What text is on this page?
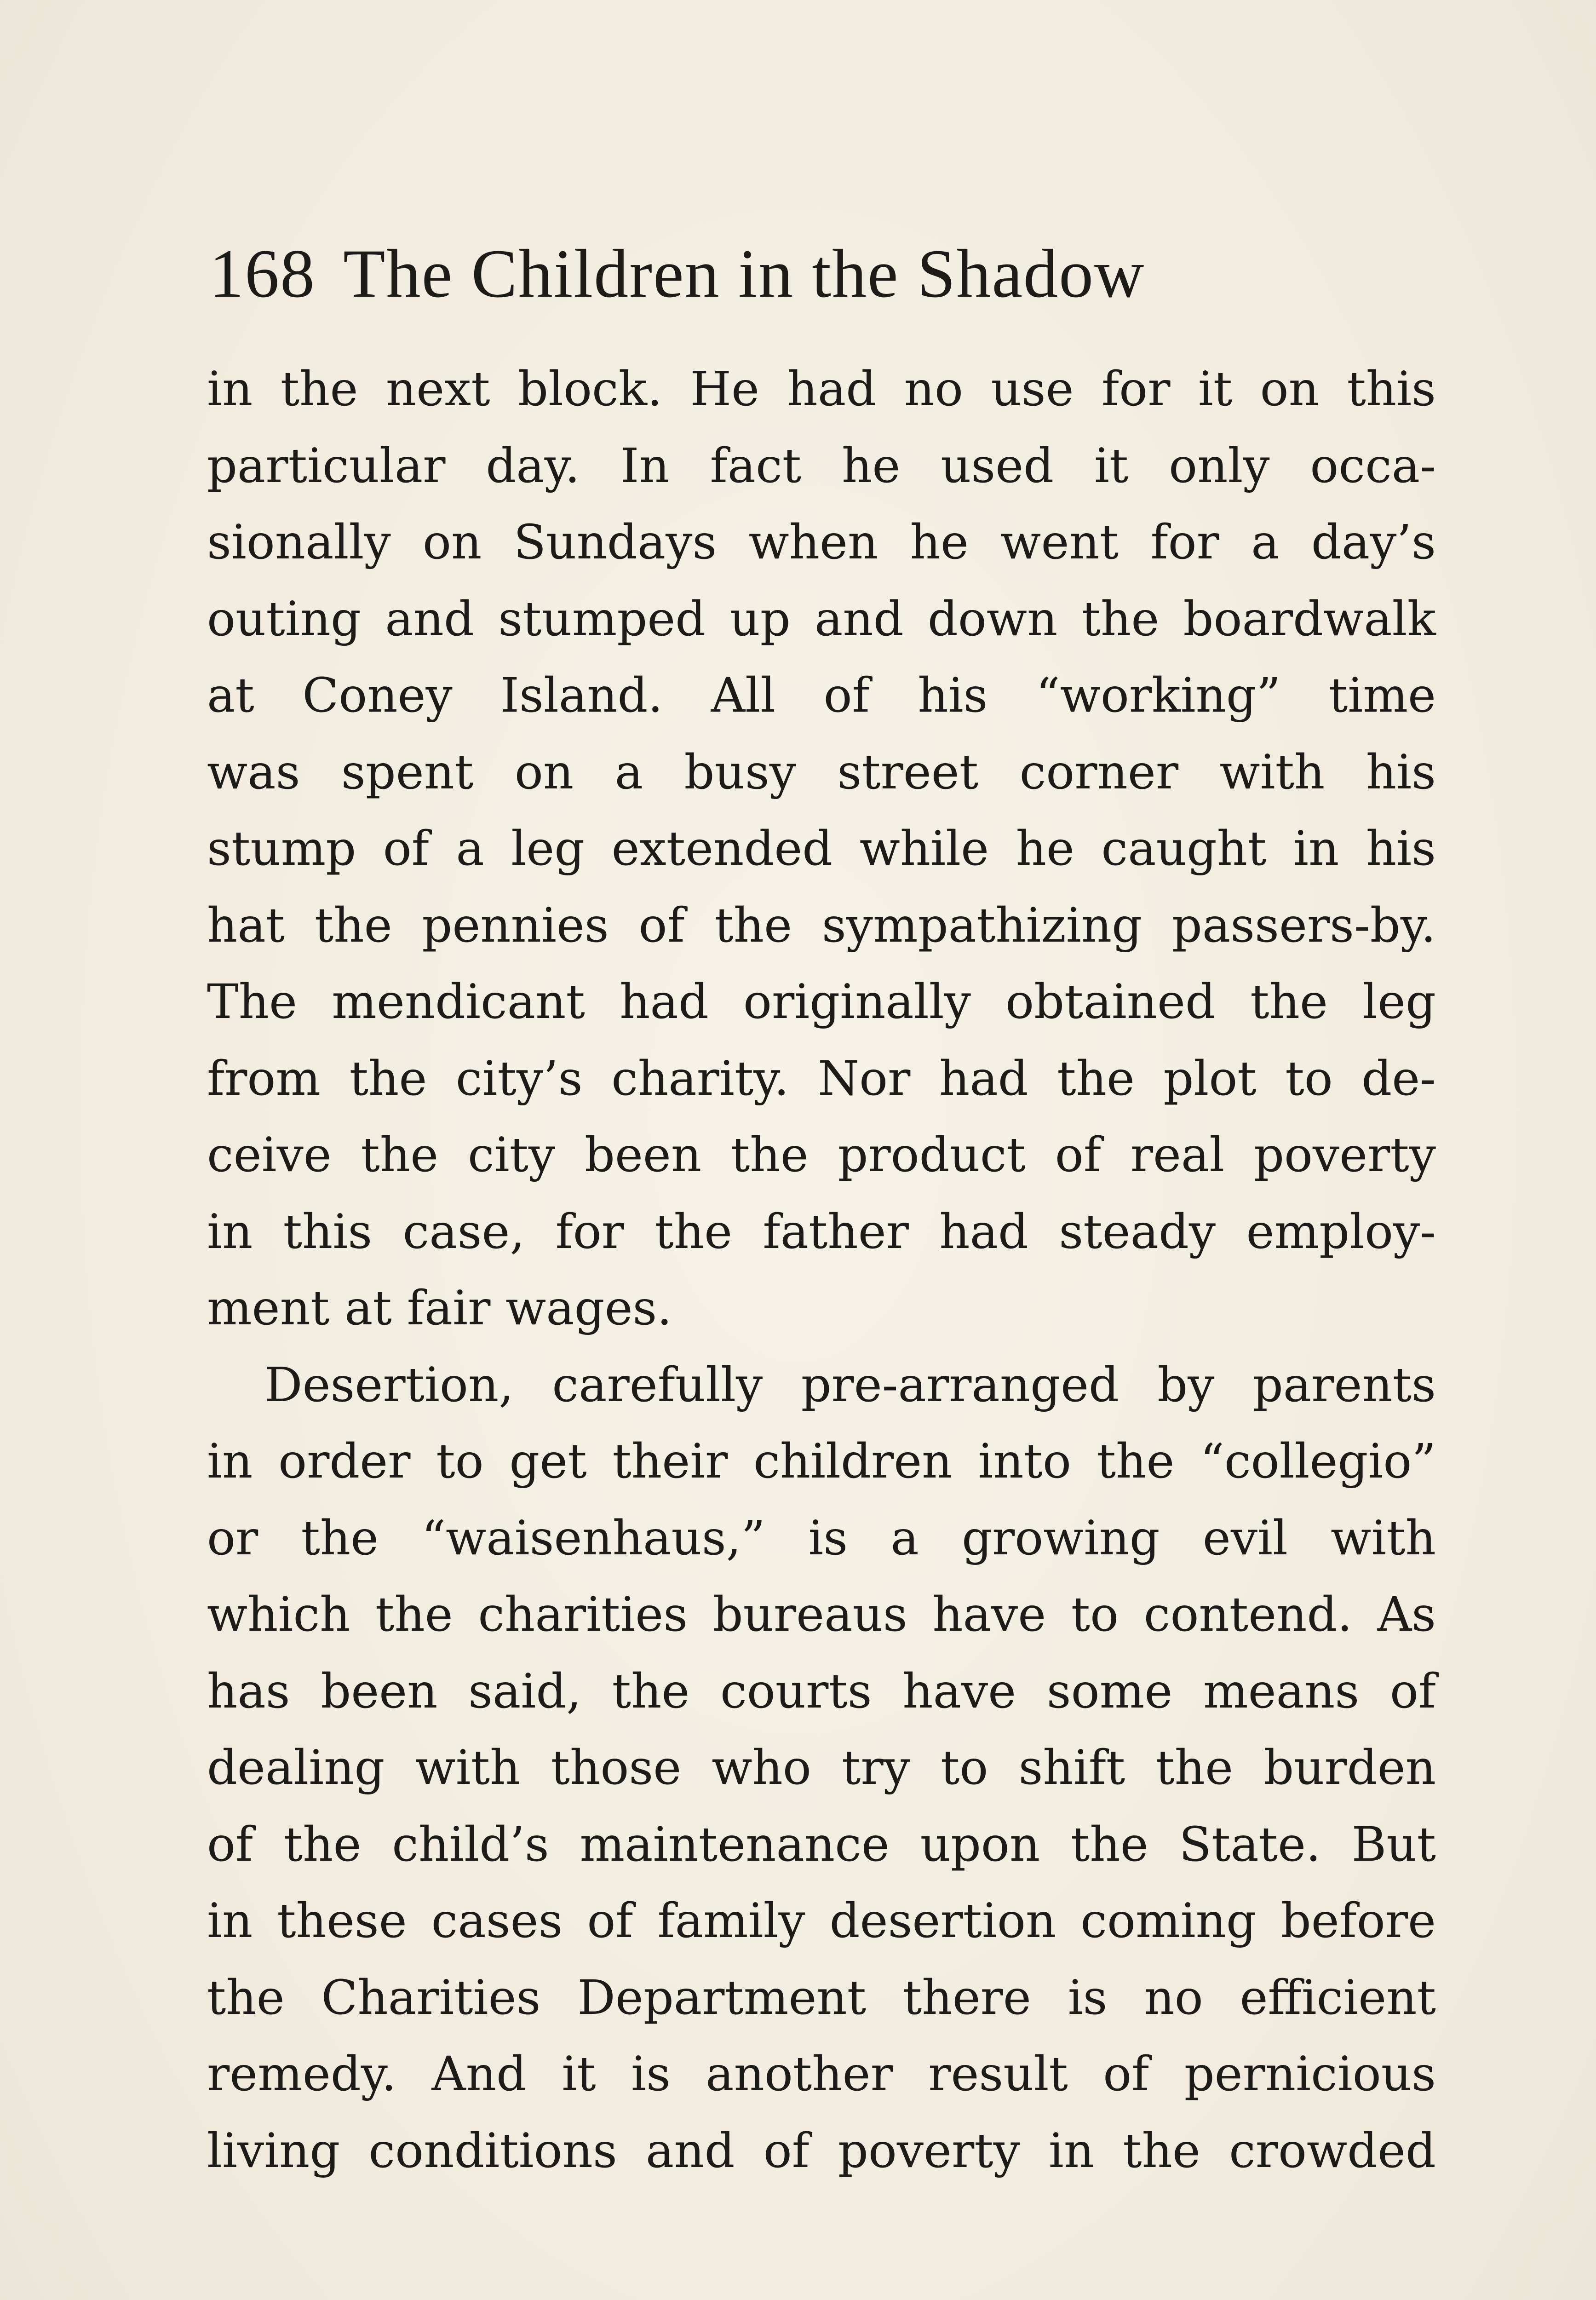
168 The Children in the Shadow
in the next block. He had no use for it on this
particular day. In fact he used it only occa-
sionally on Sundays when he went for a day’s
outing and stumped up and down the boardwalk
at Coney Island. All of his “working” time
was spent on a busy street corner with his
stump of a leg extended while he caught in his
hat the pennies of the sympathizing passers-by.
The mendicant had originally obtained the leg
from the city’s charity. Nor had the plot to de-
ceive the city been the product of real poverty
in this case, for the father had steady employ-
ment at fair wages.
Desertion, carefully pre-arranged by parents
in order to get their children into the “collegio”
or the “waisenhaus,” is a growing evil with
which the charities bureaus have to contend. As
has been said, the courts have some means of
dealing with those who try to shift the burden
of the child’s maintenance upon the State. But
in these cases of family desertion coming before
the Charities Department there is no efficient
remedy. And it is another result of pernicious
living conditions and of poverty in the crowded
